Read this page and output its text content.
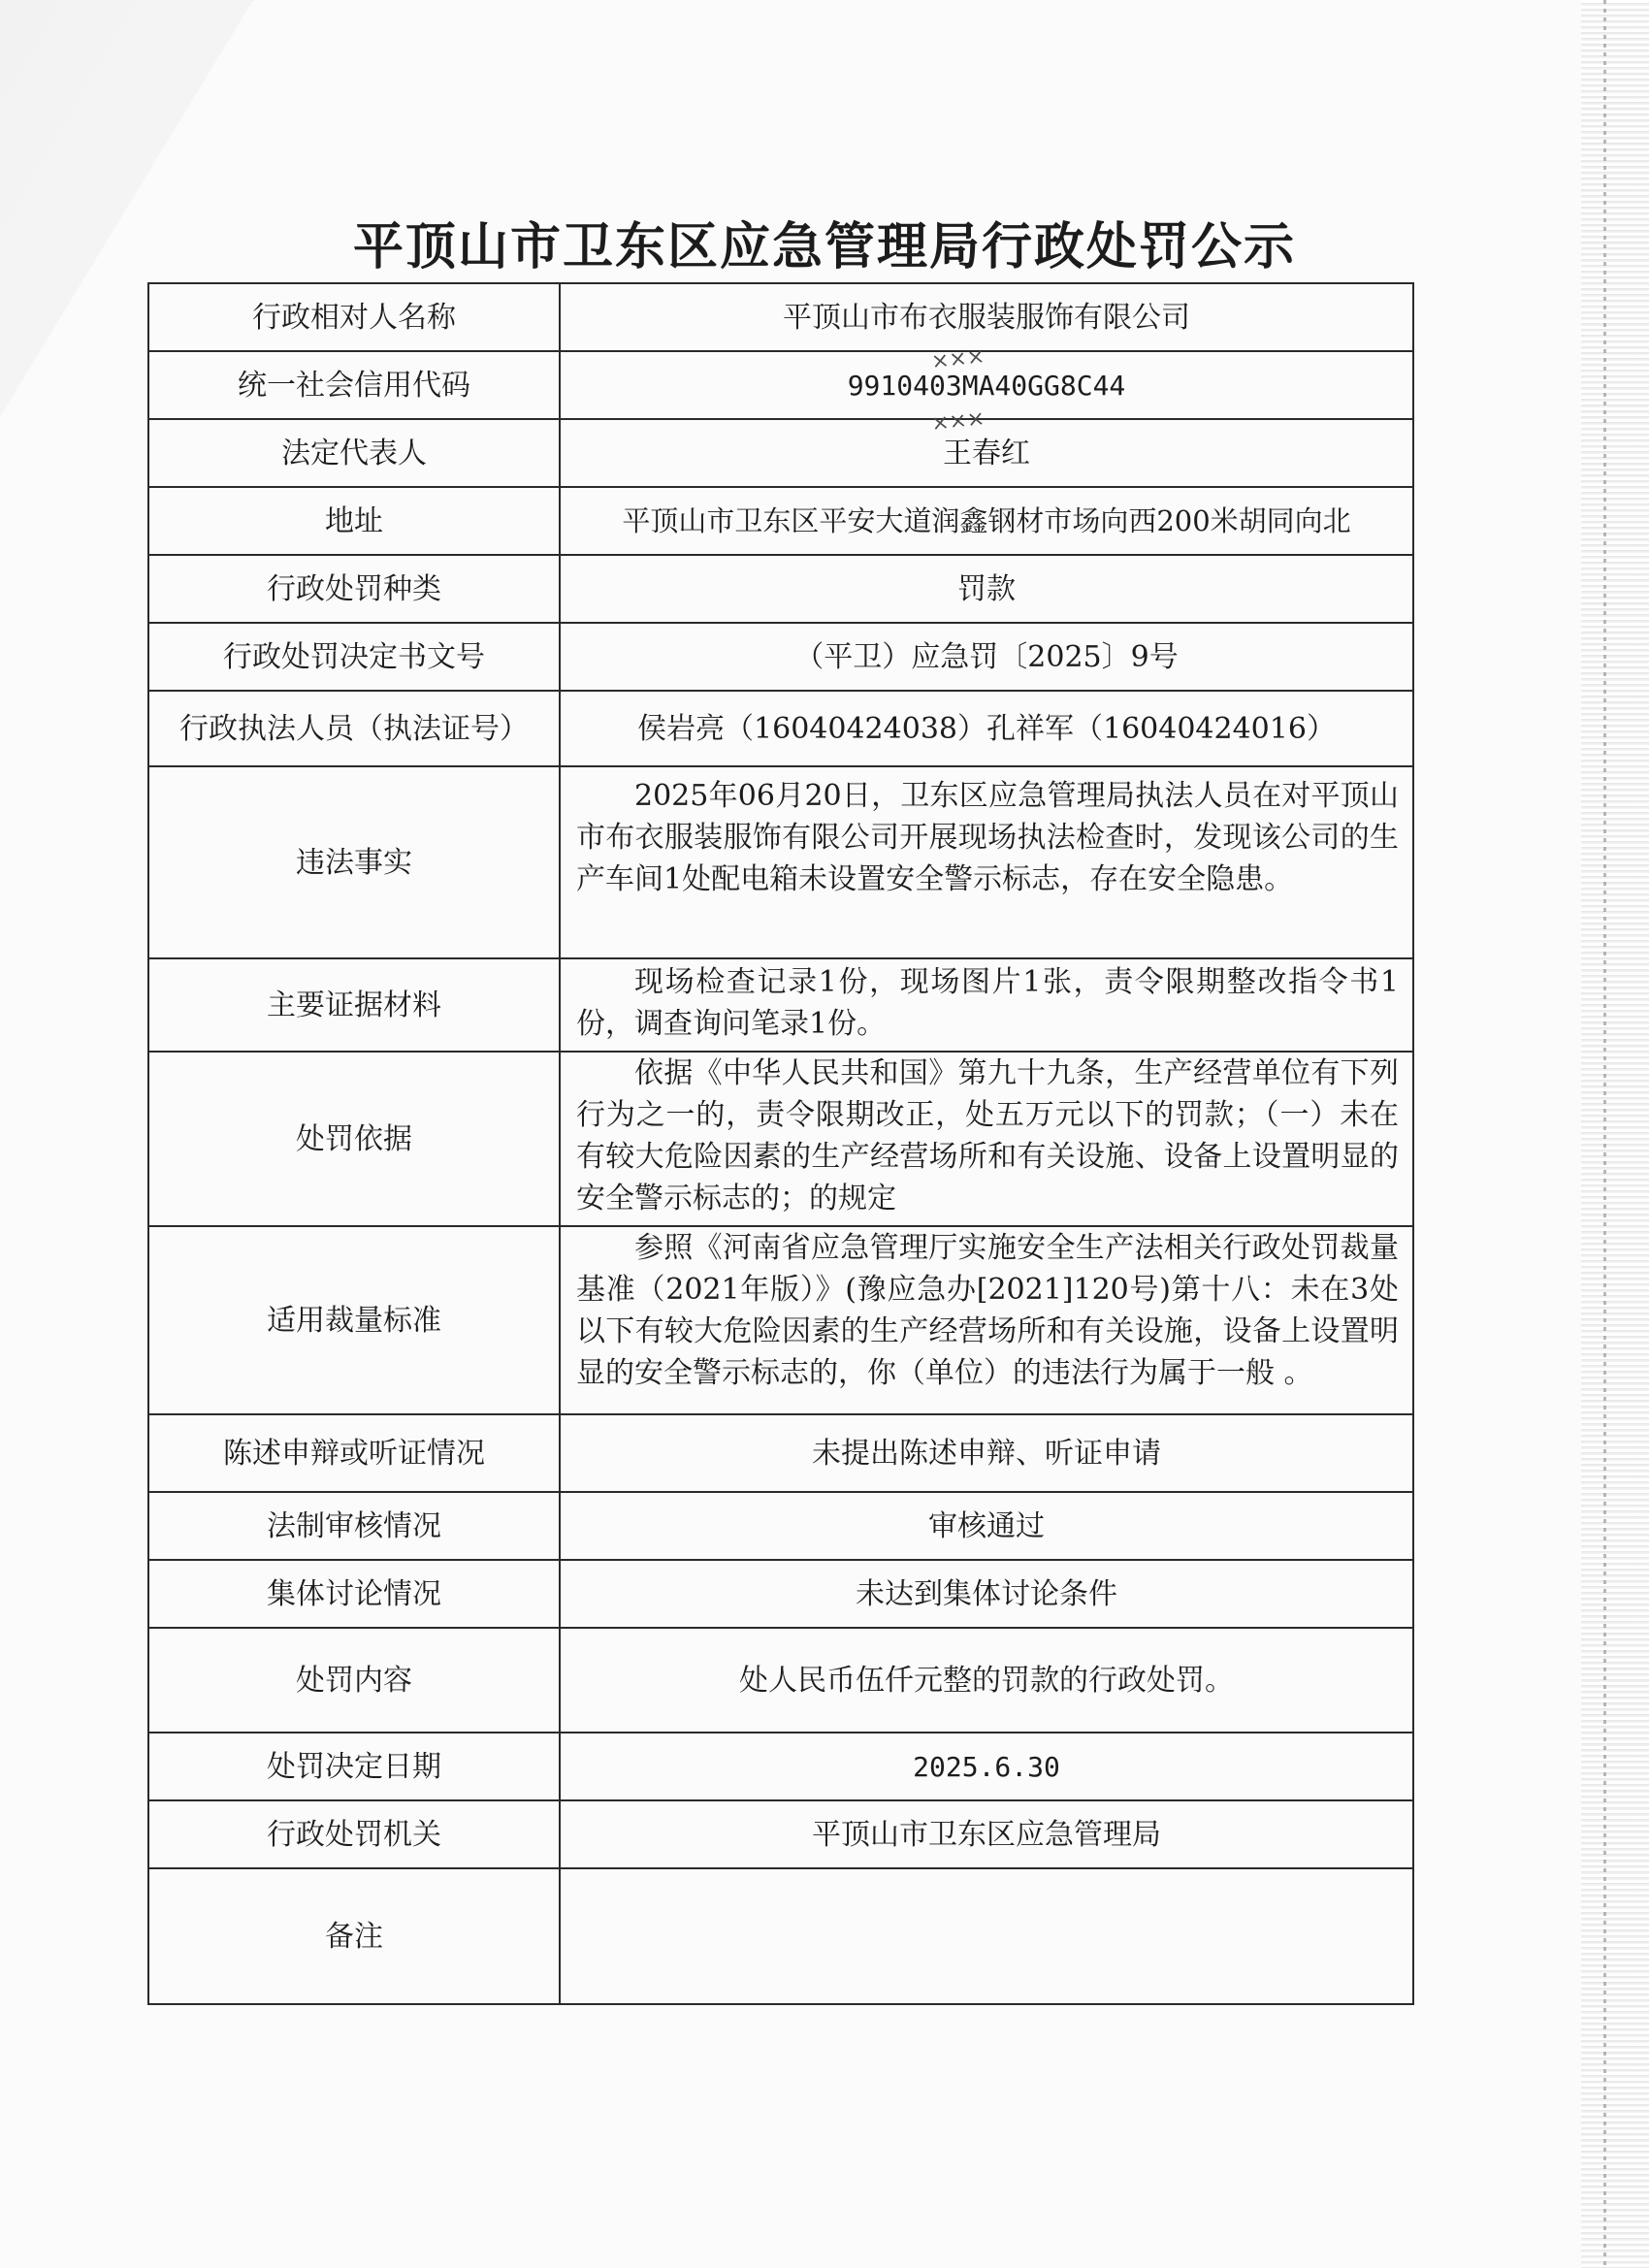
平顶山市卫东区应急管理局行政处罚公示
行政相对人名称	平顶山市布衣服装服饰有限公司
统一社会信用代码	9910403MA40GG8C44
法定代表人	王春红
地址	平顶山市卫东区平安大道润鑫钢材市场向西200米胡同向北
行政处罚种类	罚款
行政处罚决定书文号	（平卫）应急罚〔2025〕9号
行政执法人员（执法证号）	侯岩亮（16040424038）孔祥军（16040424016）
违法事实	2025年06月20日，卫东区应急管理局执法人员在对平顶山市布衣服装服饰有限公司开展现场执法检查时，发现该公司的生产车间1处配电箱未设置安全警示标志，存在安全隐患。
主要证据材料	现场检查记录1份，现场图片1张，责令限期整改指令书1份，调查询问笔录1份。
处罚依据	依据《中华人民共和国》第九十九条，生产经营单位有下列行为之一的，责令限期改正，处五万元以下的罚款；（一）未在有较大危险因素的生产经营场所和有关设施、设备上设置明显的安全警示标志的；的规定
适用裁量标准	参照《河南省应急管理厅实施安全生产法相关行政处罚裁量基准（2021年版）》(豫应急办[2021]120号)第十八：未在3处以下有较大危险因素的生产经营场所和有关设施，设备上设置明显的安全警示标志的，你（单位）的违法行为属于一般 。
陈述申辩或听证情况	未提出陈述申辩、听证申请
法制审核情况	审核通过
集体讨论情况	未达到集体讨论条件
处罚内容	处人民币伍仟元整的罚款的行政处罚。
处罚决定日期	2025.6.30
行政处罚机关	平顶山市卫东区应急管理局
备注	
×××
×××
